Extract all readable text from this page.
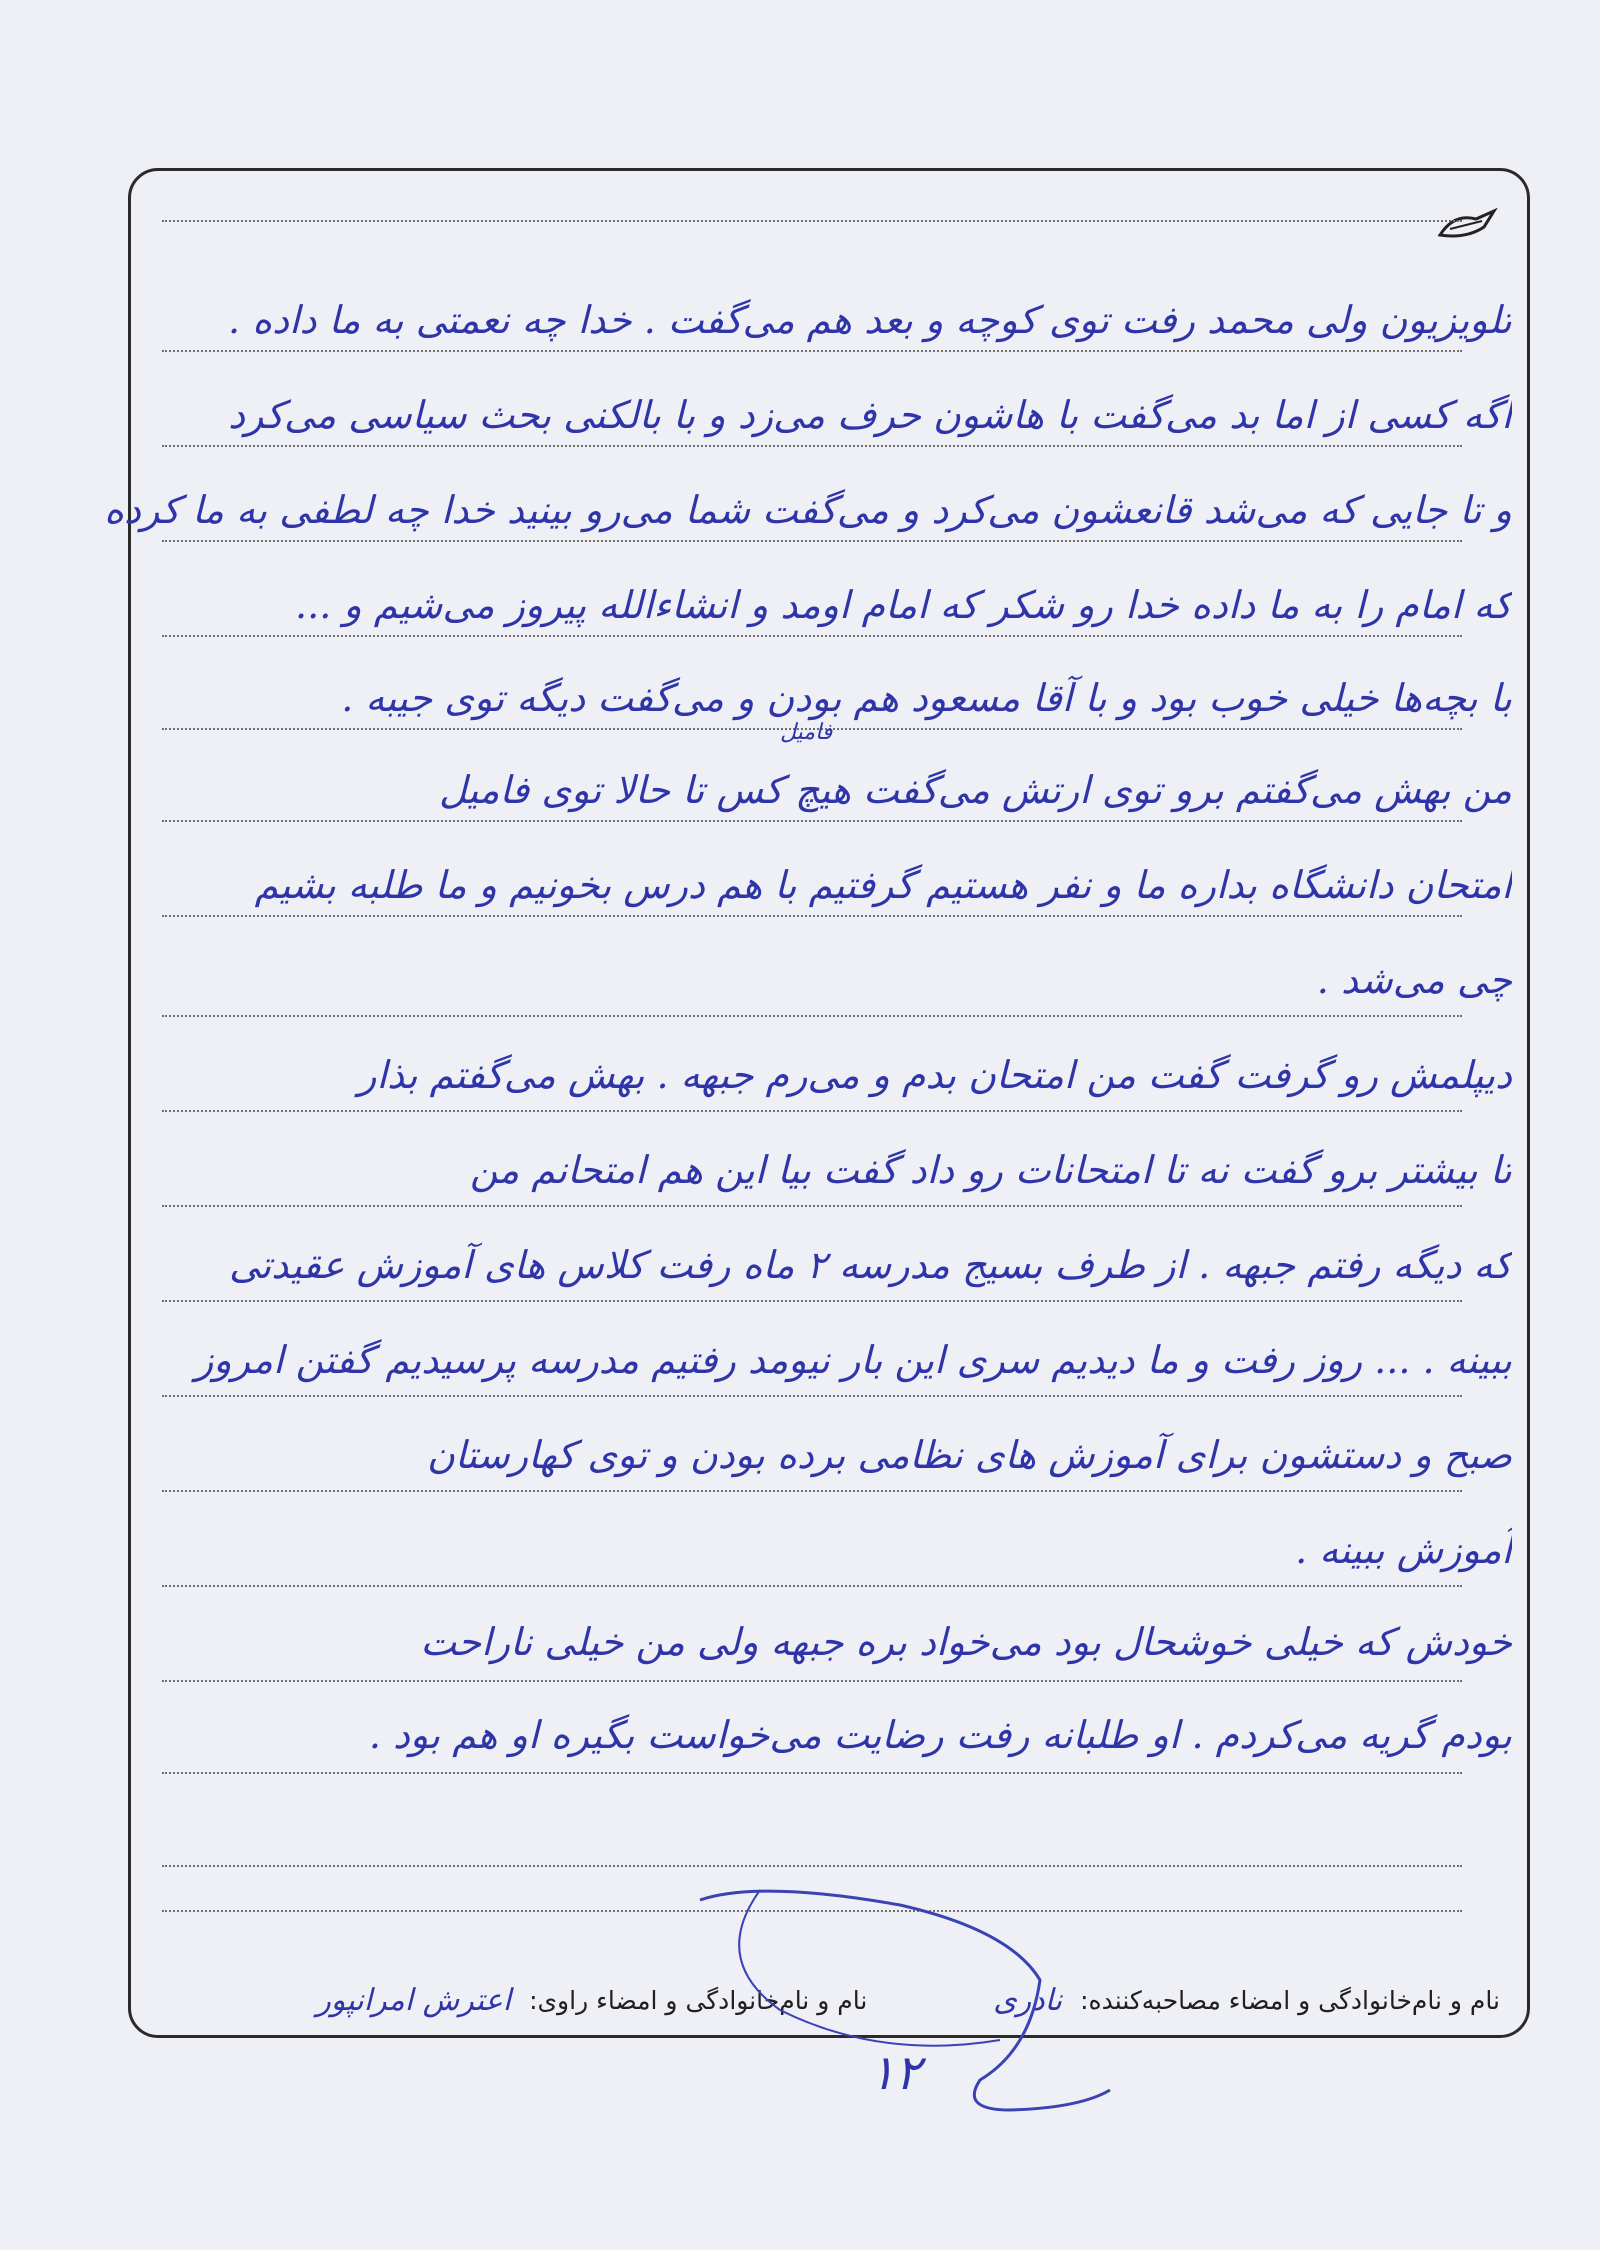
تلویزیون ولی محمد رفت توی کوچه و بعد هم می‌گفت . خدا چه نعمتی به ما داده .
اگه کسی از اما بد می‌گفت با هاشون حرف می‌زد و با بالکنی بحث سیاسی می‌کرد
و تا جایی که می‌شد قانعشون می‌کرد و می‌گفت شما می‌رو بینید خدا چه لطفی به ما کرده
که امام را به ما داده خدا رو شکر که امام اومد و انشاءالله پیروز می‌شیم و ...
با بچه‌ها خیلی خوب بود و با آقا مسعود هم بودن و می‌گفت دیگه توی جیبه .
من بهش می‌گفتم برو توی ارتش می‌گفت هیچ کس تا حالا توی فامیل
امتحان دانشگاه بداره ما و نفر هستیم گرفتیم با هم درس بخونیم و ما طلبه بشیم
چی می‌شد .
دیپلمش رو گرفت گفت من امتحان بدم و می‌رم جبهه . بهش می‌گفتم بذار
تا بیشتر برو گفت نه تا امتحانات رو داد گفت بیا این هم امتحانم من
که دیگه رفتم جبهه . از طرف بسیج مدرسه ۲ ماه رفت کلاس های آموزش عقیدتی
ببینه . ... روز رفت و ما دیدیم سری این بار نیومد رفتیم مدرسه پرسیدیم گفتن امروز
صبح و دستشون برای آموزش های نظامی برده بودن و توی کهارستان
آموزش ببینه .
خودش که خیلی خوشحال بود می‌خواد بره جبهه ولی من خیلی ناراحت
بودم گریه می‌کردم . او طلبانه رفت رضایت می‌خواست بگیره او هم بود .
فامیل
نام و نام‌خانوادگی و امضاء مصاحبه‌کننده:
نادری
نام و نام‌خانوادگی و امضاء راوی:
اعترش امرانپور
۱۲
